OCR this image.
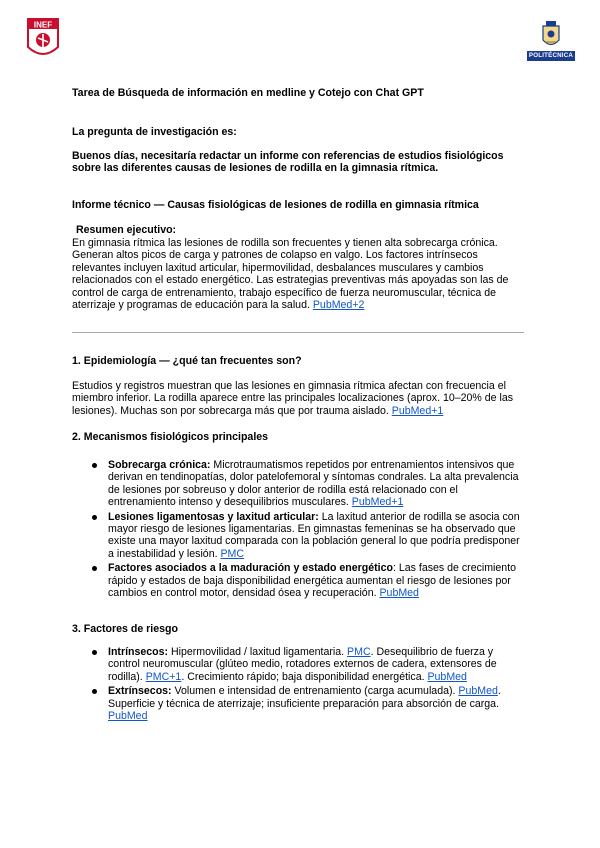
INEF
POLITÉCNICA
Tarea de Búsqueda de información en medline y Cotejo con Chat GPT
La pregunta de investigación es:
Buenos días, necesitaría redactar un informe con referencias de estudios fisiológicos sobre las diferentes causas de lesiones de rodilla en la gimnasia rítmica.
Informe técnico — Causas fisiológicas de lesiones de rodilla en gimnasia rítmica
Resumen ejecutivo:
En gimnasia rítmica las lesiones de rodilla son frecuentes y tienen alta sobrecarga crónica. Generan altos picos de carga y patrones de colapso en valgo. Los factores intrínsecos relevantes incluyen laxitud articular, hipermovilidad, desbalances musculares y cambios relacionados con el estado energético. Las estrategias preventivas más apoyadas son las de control de carga de entrenamiento, trabajo específico de fuerza neuromuscular, técnica de aterrizaje y programas de educación para la salud. PubMed+2
1. Epidemiología — ¿qué tan frecuentes son?
Estudios y registros muestran que las lesiones en gimnasia rítmica afectan con frecuencia el miembro inferior. La rodilla aparece entre las principales localizaciones (aprox. 10–20% de las lesiones). Muchas son por sobrecarga más que por trauma aislado. PubMed+1
2. Mecanismos fisiológicos principales
Sobrecarga crónica: Microtraumatismos repetidos por entrenamientos intensivos que derivan en tendinopatías, dolor patelofemoral y síntomas condrales. La alta prevalencia de lesiones por sobreuso y dolor anterior de rodilla está relacionado con el entrenamiento intenso y desequilibrios musculares. PubMed+1
Lesiones ligamentosas y laxitud articular: La laxitud anterior de rodilla se asocia con mayor riesgo de lesiones ligamentarias. En gimnastas femeninas se ha observado que existe una mayor laxitud comparada con la población general lo que podría predisponer a inestabilidad y lesión. PMC
Factores asociados a la maduración y estado energético: Las fases de crecimiento rápido y estados de baja disponibilidad energética aumentan el riesgo de lesiones por cambios en control motor, densidad ósea y recuperación. PubMed
3. Factores de riesgo
Intrínsecos: Hipermovilidad / laxitud ligamentaria. PMC. Desequilibrio de fuerza y control neuromuscular (glúteo medio, rotadores externos de cadera, extensores de rodilla). PMC+1. Crecimiento rápido; baja disponibilidad energética. PubMed
Extrínsecos: Volumen e intensidad de entrenamiento (carga acumulada). PubMed. Superficie y técnica de aterrizaje; insuficiente preparación para absorción de carga. PubMed
